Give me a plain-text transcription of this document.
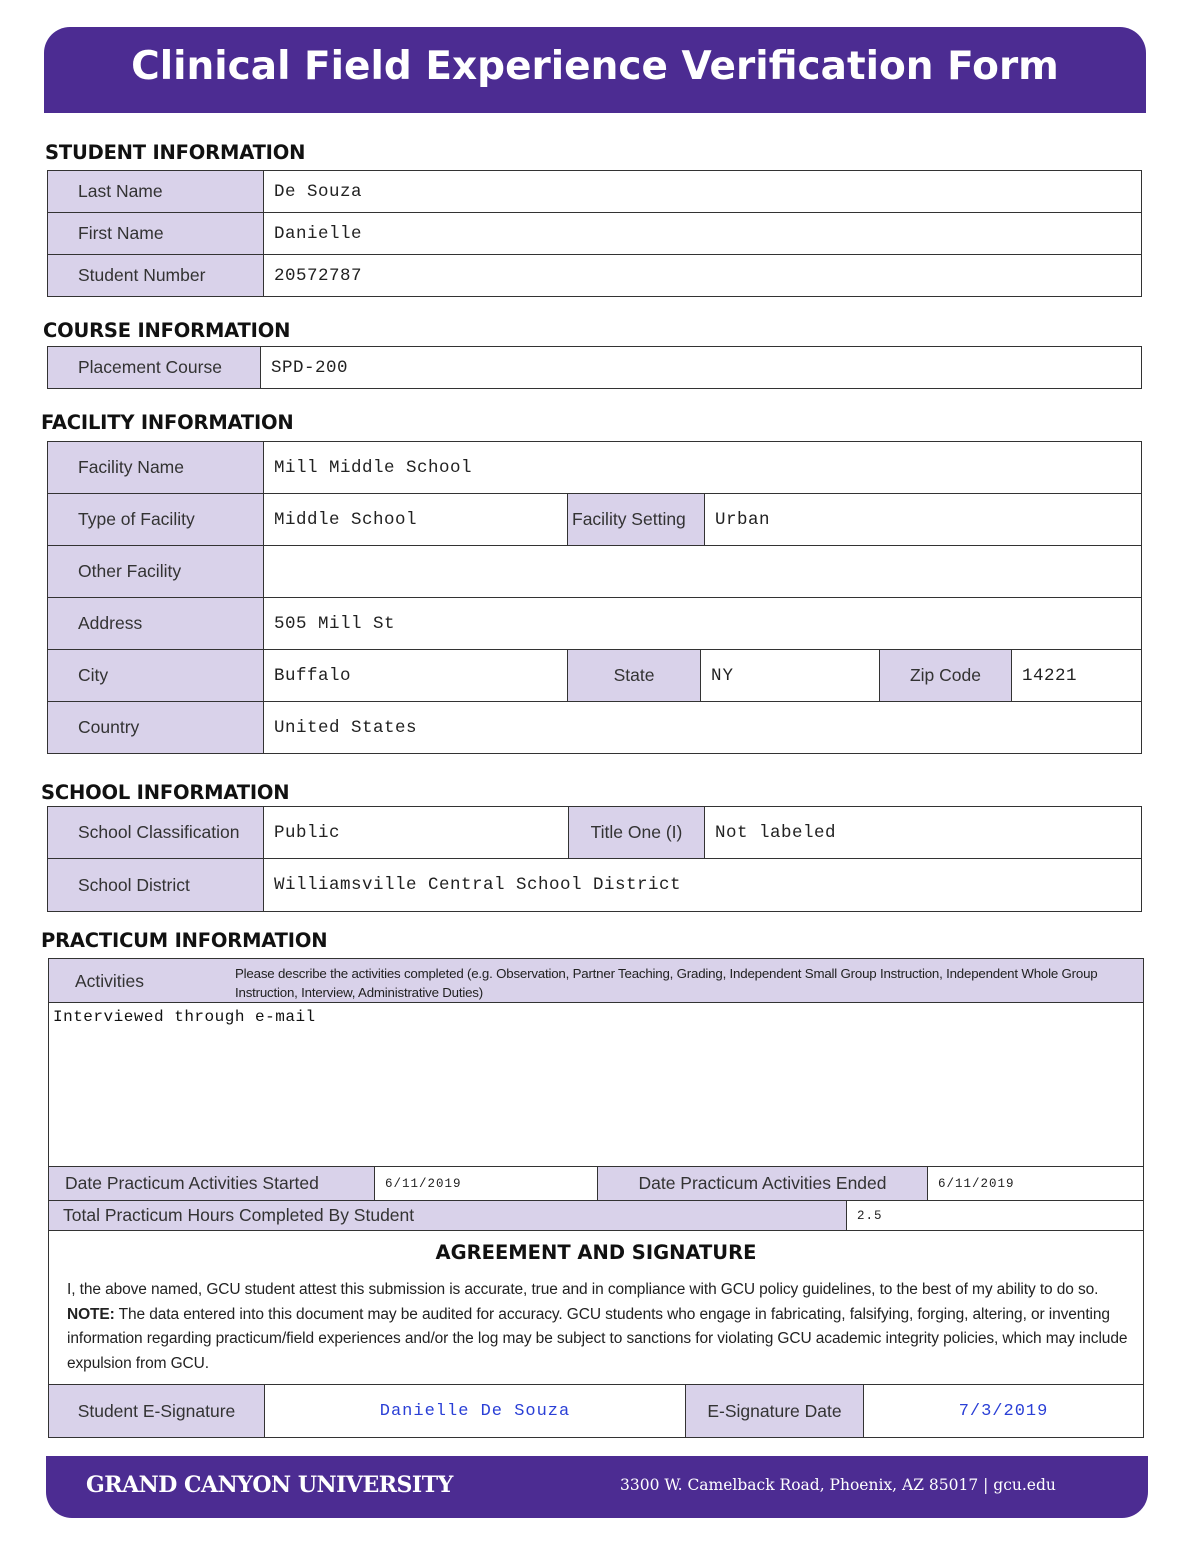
Clinical Field Experience Verification Form
STUDENT INFORMATION
Last Name	De Souza
First Name	Danielle
Student Number	20572787
COURSE INFORMATION
Placement Course	SPD-200
FACILITY INFORMATION
Facility Name	Mill Middle School					
Type of Facility	Middle School	Facility Setting		Urban		
Other Facility						
Address	505 Mill St					
City	Buffalo	State	NY		Zip Code	14221
Country	United States					
SCHOOL INFORMATION
School Classification	Public	Title One (I)	Not labeled
School District	Williamsville Central School District		
PRACTICUM INFORMATION
Activities	Please describe the activities completed (e.g. Observation, Partner Teaching, Grading, Independent Small Group Instruction, Independent Whole Group Instruction, Interview, Administrative Duties)
Interviewed through e-mail
Date Practicum Activities Started	6/11/2019	Date Practicum Activities Ended	6/11/2019
Total Practicum Hours Completed By Student	2.5
AGREEMENT AND SIGNATURE
I, the above named, GCU student attest this submission is accurate, true and in compliance with GCU policy guidelines, to the best of my ability to do so. NOTE: The data entered into this document may be audited for accuracy. GCU students who engage in fabricating, falsifying, forging, altering, or inventing information regarding practicum/field experiences and/or the log may be subject to sanctions for violating GCU academic integrity policies, which may include expulsion from GCU.
Student E-Signature	Danielle De Souza	E-Signature Date	7/3/2019
GRAND CANYON UNIVERSITY	3300 W. Camelback Road, Phoenix, AZ 85017 | gcu.edu
